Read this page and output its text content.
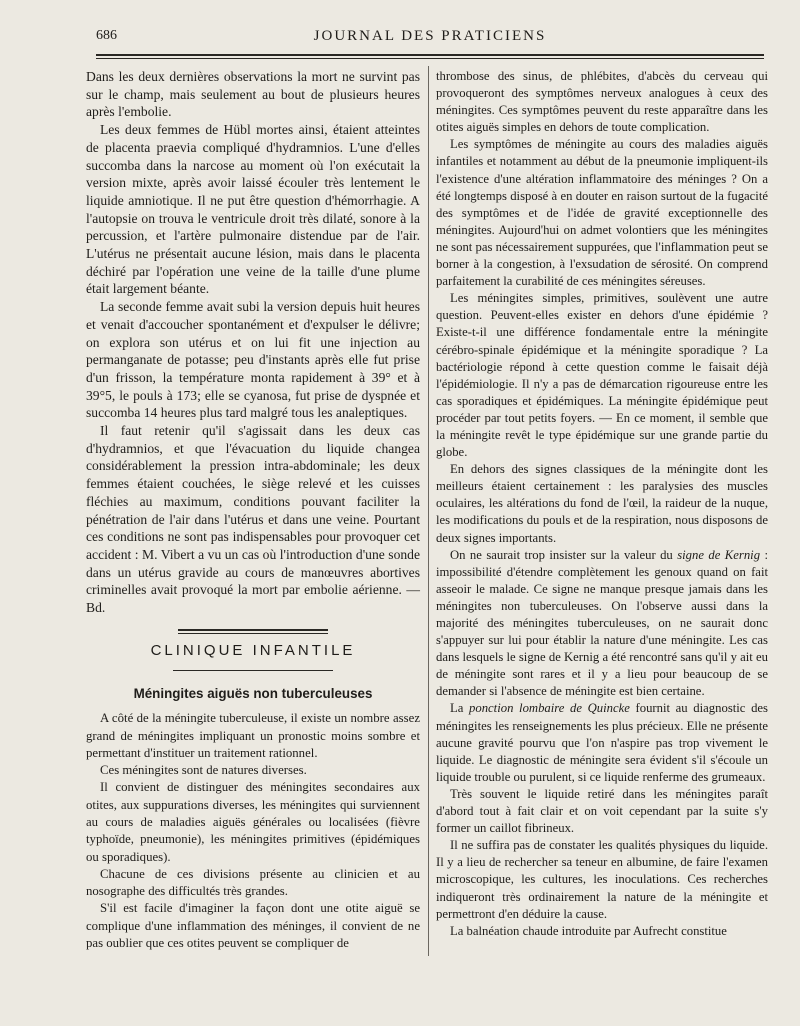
686	JOURNAL DES PRATICIENS

Dans les deux dernières observations la mort ne survint pas sur le champ, mais seulement au bout de plusieurs heures après l'embolie.

Les deux femmes de Hübl mortes ainsi, étaient atteintes de placenta praevia compliqué d'hydramnios. L'une d'elles succomba dans la narcose au moment où l'on exécutait la version mixte, après avoir laissé écouler très lentement le liquide amniotique. Il ne put être question d'hémorrhagie. A l'autopsie on trouva le ventricule droit très dilaté, sonore à la percussion, et l'artère pulmonaire distendue par de l'air. L'utérus ne présentait aucune lésion, mais dans le placenta déchiré par l'opération une veine de la taille d'une plume était largement béante.

La seconde femme avait subi la version depuis huit heures et venait d'accoucher spontanément et d'expulser le délivre; on explora son utérus et on lui fit une injection au permanganate de potasse; peu d'instants après elle fut prise d'un frisson, la température monta rapidement à 39° et à 39°5, le pouls à 173; elle se cyanosa, fut prise de dyspnée et succomba 14 heures plus tard malgré tous les analeptiques.

Il faut retenir qu'il s'agissait dans les deux cas d'hydramnios, et que l'évacuation du liquide changea considérablement la pression intra-abdominale; les deux femmes étaient couchées, le siège relevé et les cuisses fléchies au maximum, conditions pouvant faciliter la pénétration de l'air dans l'utérus et dans une veine. Pourtant ces conditions ne sont pas indispensables pour provoquer cet accident : M. Vibert a vu un cas où l'introduction d'une sonde dans un utérus gravide au cours de manœuvres abortives criminelles avait provoqué la mort par embolie aérienne. — Bd.

CLINIQUE INFANTILE
Méningites aiguës non tuberculeuses

A côté de la méningite tuberculeuse, il existe un nombre assez grand de méningites impliquant un pronostic moins sombre et permettant d'instituer un traitement rationnel.

Ces méningites sont de natures diverses.

Il convient de distinguer des méningites secondaires aux otites, aux suppurations diverses, les méningites qui surviennent au cours de maladies aiguës générales ou localisées (fièvre typhoïde, pneumonie), les méningites primitives (épidémiques ou sporadiques).

Chacune de ces divisions présente au clinicien et au nosographe des difficultés très grandes.

S'il est facile d'imaginer la façon dont une otite aiguë se complique d'une inflammation des méninges, il convient de ne pas oublier que ces otites peuvent se compliquer de

thrombose des sinus, de phlébites, d'abcès du cerveau qui provoqueront des symptômes nerveux analogues à ceux des méningites. Ces symptômes peuvent du reste apparaître dans les otites aiguës simples en dehors de toute complication.

Les symptômes de méningite au cours des maladies aiguës infantiles et notamment au début de la pneumonie impliquent-ils l'existence d'une altération inflammatoire des méninges ? On a été longtemps disposé à en douter en raison surtout de la fugacité des symptômes et de l'idée de gravité exceptionnelle des méningites. Aujourd'hui on admet volontiers que les méningites ne sont pas nécessairement suppurées, que l'inflammation peut se borner à la congestion, à l'exsudation de sérosité. On comprend parfaitement la curabilité de ces méningites séreuses.

Les méningites simples, primitives, soulèvent une autre question. Peuvent-elles exister en dehors d'une épidémie ? Existe-t-il une différence fondamentale entre la méningite cérébro-spinale épidémique et la méningite sporadique ? La bactériologie répond à cette question comme le faisait déjà l'épidémiologie. Il n'y a pas de démarcation rigoureuse entre les cas sporadiques et épidémiques. La méningite épidémique peut procéder par tout petits foyers. — En ce moment, il semble que la méningite revêt le type épidémique sur une grande partie du globe.

En dehors des signes classiques de la méningite dont les meilleurs étaient certainement : les paralysies des muscles oculaires, les altérations du fond de l'œil, la raideur de la nuque, les modifications du pouls et de la respiration, nous disposons de deux signes importants.

On ne saurait trop insister sur la valeur du signe de Kernig : impossibilité d'étendre complètement les genoux quand on fait asseoir le malade. Ce signe ne manque presque jamais dans les méningites non tuberculeuses. On l'observe aussi dans la majorité des méningites tuberculeuses, on ne saurait donc s'appuyer sur lui pour établir la nature d'une méningite. Les cas dans lesquels le signe de Kernig a été rencontré sans qu'il y ait eu de méningite sont rares et il y a lieu pour beaucoup de se demander si l'absence de méningite est bien certaine.

La ponction lombaire de Quincke fournit au diagnostic des méningites les renseignements les plus précieux. Elle ne présente aucune gravité pourvu que l'on n'aspire pas trop vivement le liquide. Le diagnostic de méningite sera évident s'il s'écoule un liquide trouble ou purulent, si ce liquide renferme des grumeaux.

Très souvent le liquide retiré dans les méningites paraît d'abord tout à fait clair et on voit cependant par la suite s'y former un caillot fibrineux.

Il ne suffira pas de constater les qualités physiques du liquide. Il y a lieu de rechercher sa teneur en albumine, de faire l'examen microscopique, les cultures, les inoculations. Ces recherches indiqueront très ordinairement la nature de la méningite et permettront d'en déduire la cause.

La balnéation chaude introduite par Aufrecht constitue
